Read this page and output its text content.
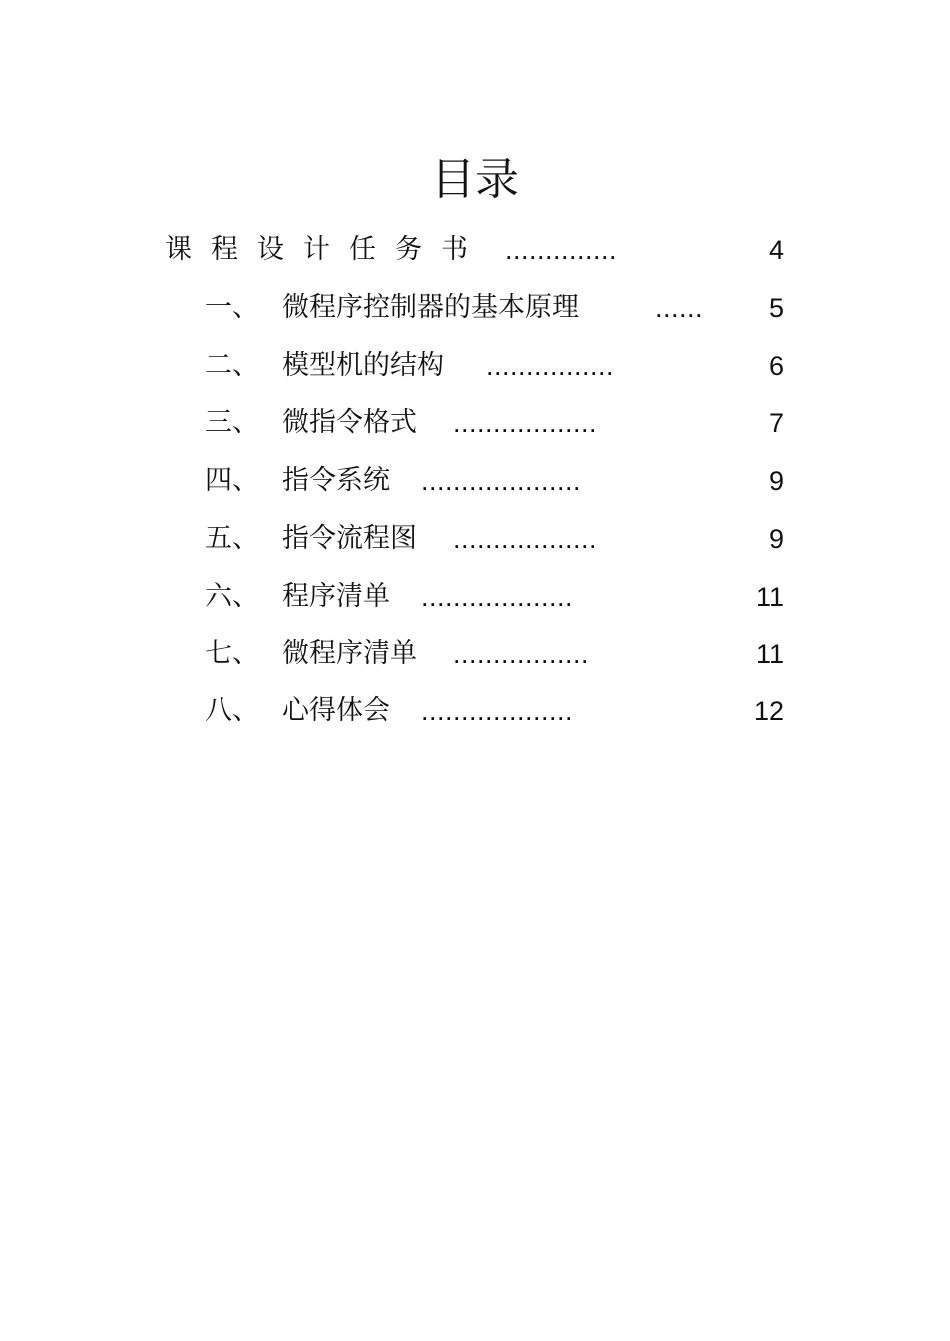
目录
课程设计任务书 ..............	4
一、 微程序控制器的基本原理	...... 5
二、 模型机的结构 ................	6
三、 微指令格式 ..................	7
四、 指令系统 ....................	9
五、 指令流程图 ..................	9
六、 程序清单 ...................	11
七、 微程序清单 .................	11
八、 心得体会 ...................	12
